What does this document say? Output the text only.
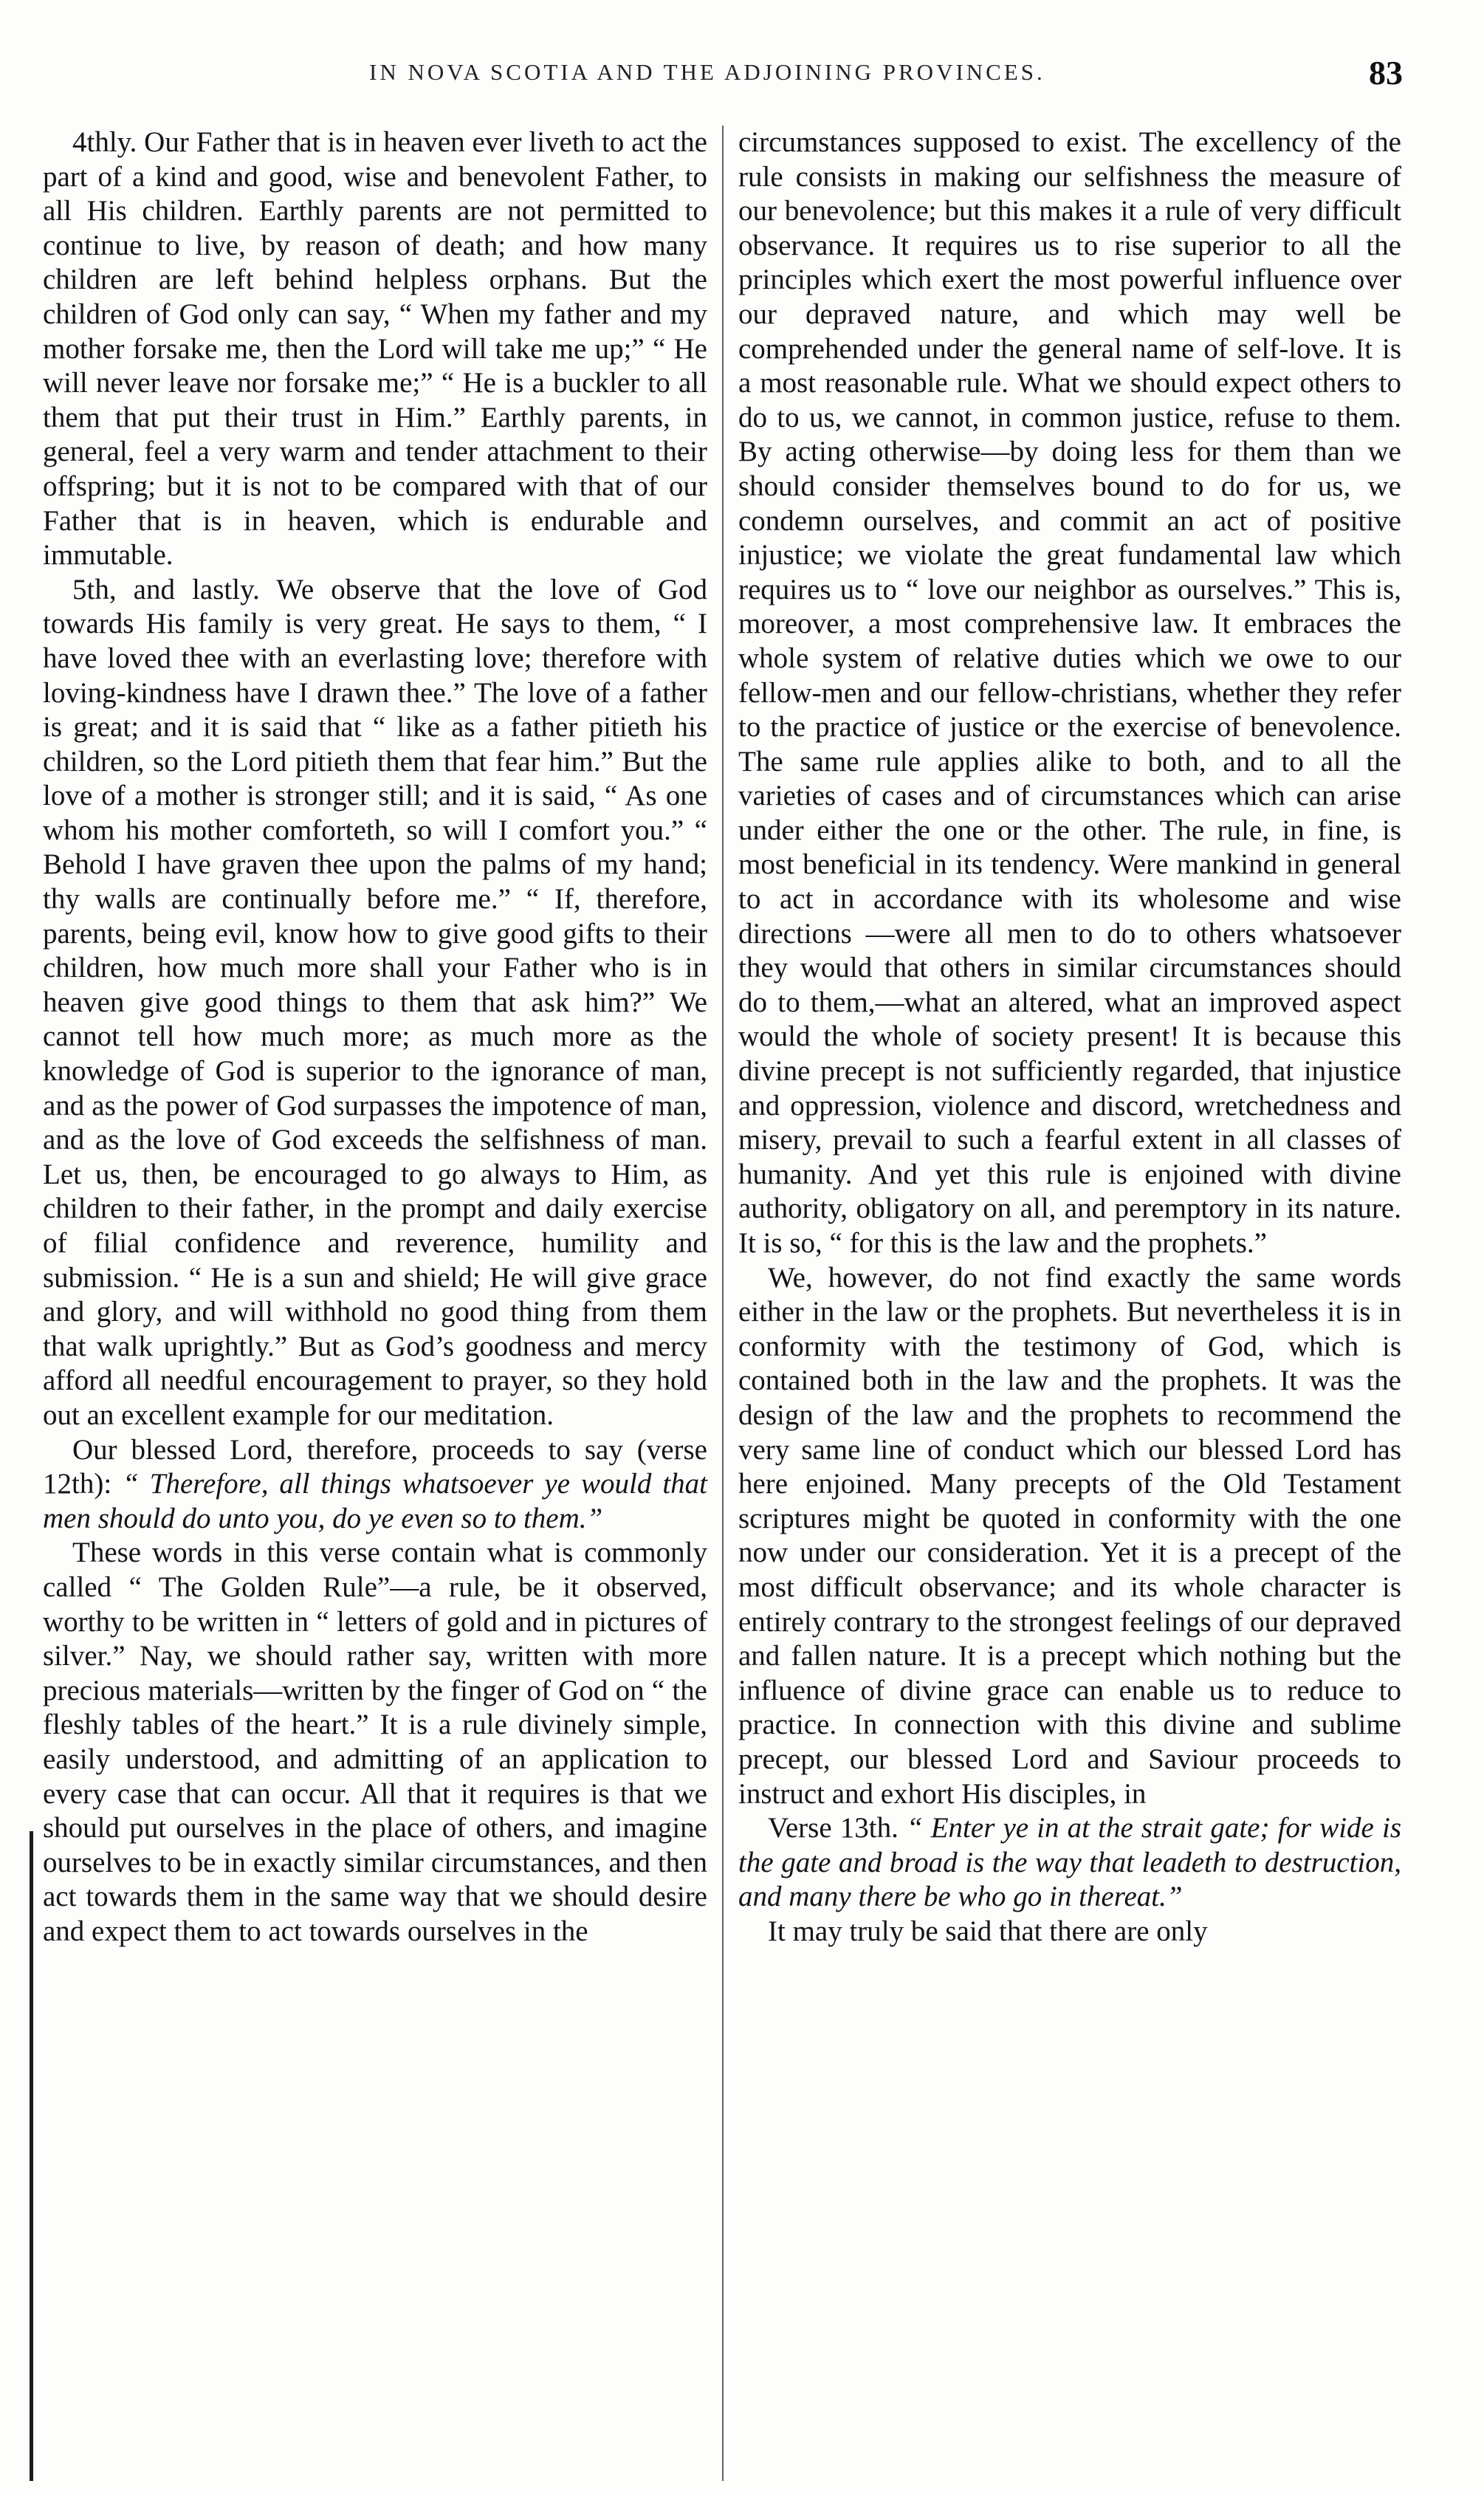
IN NOVA SCOTIA AND THE ADJOINING PROVINCES.	83

4thly. Our Father that is in heaven ever liveth to act the part of a kind and good, wise and benevolent Father, to all His children. Earthly parents are not permitted to continue to live, by reason of death; and how many children are left behind helpless orphans. But the children of God only can say, “ When my father and my mother forsake me, then the Lord will take me up;” “ He will never leave nor forsake me;” “ He is a buckler to all them that put their trust in Him.” Earthly parents, in general, feel a very warm and tender attachment to their offspring; but it is not to be compared with that of our Father that is in heaven, which is endurable and immutable.

5th, and lastly. We observe that the love of God towards His family is very great. He says to them, “ I have loved thee with an everlasting love; therefore with loving-kindness have I drawn thee.” The love of a father is great; and it is said that “ like as a father pitieth his children, so the Lord pitieth them that fear him.” But the love of a mother is stronger still; and it is said, “ As one whom his mother comforteth, so will I comfort you.” “ Behold I have graven thee upon the palms of my hand; thy walls are continually before me.” “ If, therefore, parents, being evil, know how to give good gifts to their children, how much more shall your Father who is in heaven give good things to them that ask him?” We cannot tell how much more; as much more as the knowledge of God is superior to the ignorance of man, and as the power of God surpasses the impotence of man, and as the love of God exceeds the selfishness of man. Let us, then, be encouraged to go always to Him, as children to their father, in the prompt and daily exercise of filial confidence and reverence, humility and submission. “ He is a sun and shield; He will give grace and glory, and will withhold no good thing from them that walk uprightly.” But as God’s goodness and mercy afford all needful encouragement to prayer, so they hold out an excellent example for our meditation.

Our blessed Lord, therefore, proceeds to say (verse 12th): “ Therefore, all things whatsoever ye would that men should do unto you, do ye even so to them.”

These words in this verse contain what is commonly called “ The Golden Rule”—a rule, be it observed, worthy to be written in “ letters of gold and in pictures of silver.” Nay, we should rather say, written with more precious materials—written by the finger of God on “ the fleshly tables of the heart.” It is a rule divinely simple, easily understood, and admitting of an application to every case that can occur. All that it requires is that we should put ourselves in the place of others, and imagine ourselves to be in exactly similar circumstances, and then act towards them in the same way that we should desire and expect them to act towards ourselves in the

circumstances supposed to exist. The excellency of the rule consists in making our selfishness the measure of our benevolence; but this makes it a rule of very difficult observance. It requires us to rise superior to all the principles which exert the most powerful influence over our depraved nature, and which may well be comprehended under the general name of self-love. It is a most reasonable rule. What we should expect others to do to us, we cannot, in common justice, refuse to them. By acting otherwise—by doing less for them than we should consider themselves bound to do for us, we condemn ourselves, and commit an act of positive injustice; we violate the great fundamental law which requires us to “ love our neighbor as ourselves.” This is, moreover, a most comprehensive law. It embraces the whole system of relative duties which we owe to our fellow-men and our fellow-christians, whether they refer to the practice of justice or the exercise of benevolence. The same rule applies alike to both, and to all the varieties of cases and of circumstances which can arise under either the one or the other. The rule, in fine, is most beneficial in its tendency. Were mankind in general to act in accordance with its wholesome and wise directions —were all men to do to others whatsoever they would that others in similar circumstances should do to them,—what an altered, what an improved aspect would the whole of society present! It is because this divine precept is not sufficiently regarded, that injustice and oppression, violence and discord, wretchedness and misery, prevail to such a fearful extent in all classes of humanity. And yet this rule is enjoined with divine authority, obligatory on all, and peremptory in its nature. It is so, “ for this is the law and the prophets.”

We, however, do not find exactly the same words either in the law or the prophets. But nevertheless it is in conformity with the testimony of God, which is contained both in the law and the prophets. It was the design of the law and the prophets to recommend the very same line of conduct which our blessed Lord has here enjoined. Many precepts of the Old Testament scriptures might be quoted in conformity with the one now under our consideration. Yet it is a precept of the most difficult observance; and its whole character is entirely contrary to the strongest feelings of our depraved and fallen nature. It is a precept which nothing but the influence of divine grace can enable us to reduce to practice. In connection with this divine and sublime precept, our blessed Lord and Saviour proceeds to instruct and exhort His disciples, in

Verse 13th. “ Enter ye in at the strait gate; for wide is the gate and broad is the way that leadeth to destruction, and many there be who go in thereat.”

It may truly be said that there are only
